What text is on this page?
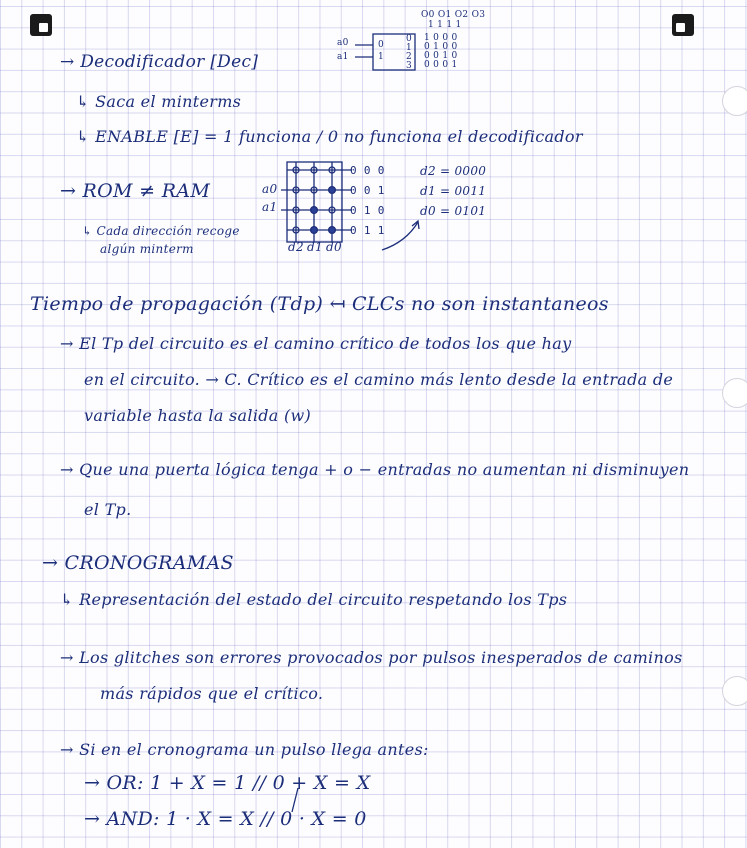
→ Decodificador [Dec]
O0 O1 O2 O3
1 1 1 1
a0
a1
0
1
0
1
2
3
1 0 0 0
0 1 0 0
0 0 1 0
0 0 0 1
↳ Saca el minterms
↳ ENABLE [E] = 1 funciona / 0 no funciona el decodificador
→ ROM ≠ RAM
↳ Cada dirección recoge
algún minterm
a0
a1
0 0 0
0 0 1
0 1 0
0 1 1
d2 d1 d0
d2 = 0000
d1 = 0011
d0 = 0101
Tiempo de propagación (Tdp) ↤ CLCs no son instantaneos
→ El Tp del circuito es el camino crítico de todos los que hay
en el circuito. → C. Crítico es el camino más lento desde la entrada de
variable hasta la salida (w)
→ Que una puerta lógica tenga + o − entradas no aumentan ni disminuyen
el Tp.
→ CRONOGRAMAS
↳ Representación del estado del circuito respetando los Tps
→ Los glitches son errores provocados por pulsos inesperados de caminos
más rápidos que el crítico.
→ Si en el cronograma un pulso llega antes:
→ OR: 1 + X = 1 // 0 + X = X
→ AND: 1 · X = X // 0 · X = 0
